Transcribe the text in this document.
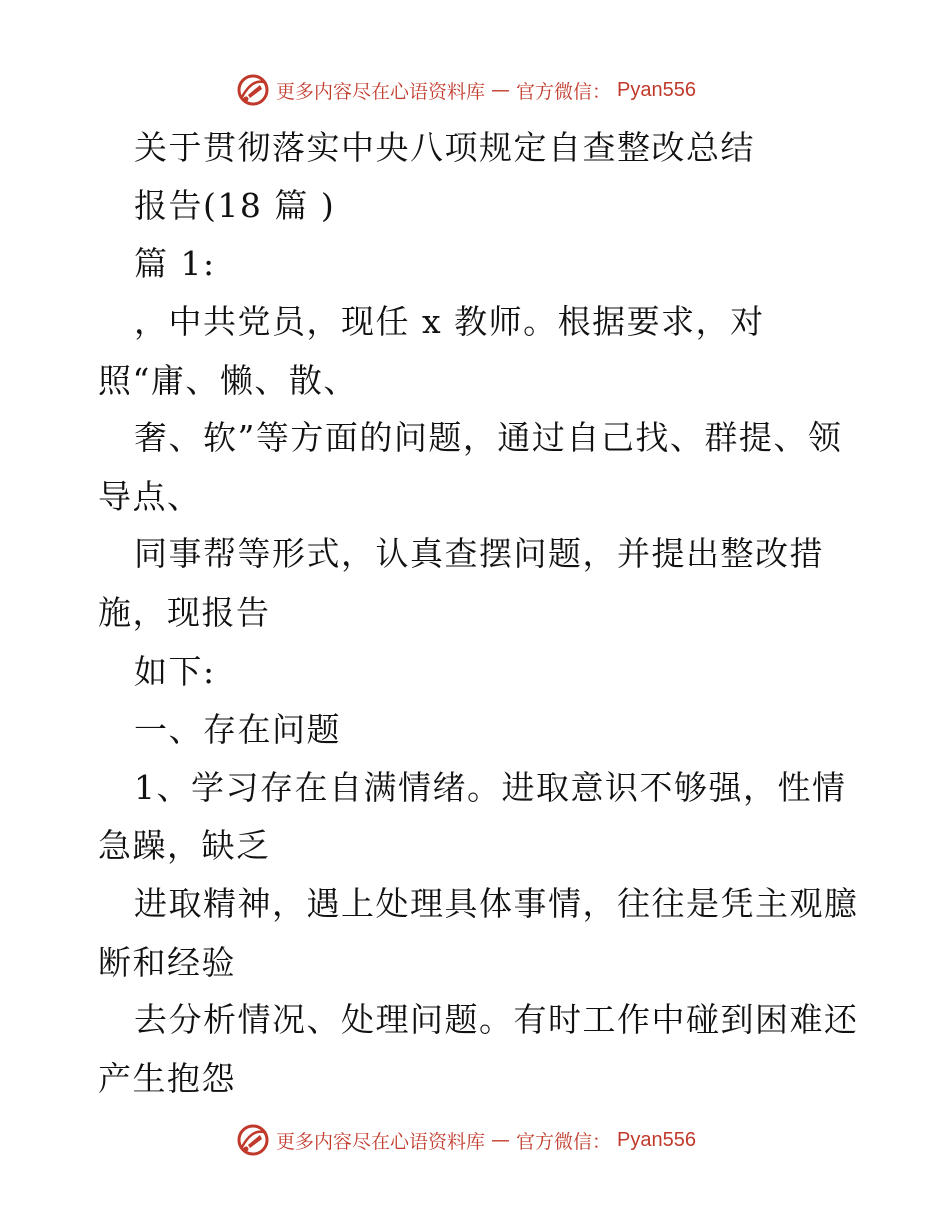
更多内容尽在心语资料库 — 官方微信： Pyan556
关于贯彻落实中央八项规定自查整改总结
报告(18 篇 )
篇 1:
，中共党员，现任 x 教师。根据要求，对
照“庸、懒、散、
奢、软”等方面的问题，通过自己找、群提、领
导点、
同事帮等形式，认真查摆问题，并提出整改措
施，现报告
如下:
一、存在问题
1、学习存在自满情绪。进取意识不够强，性情
急躁，缺乏
进取精神，遇上处理具体事情，往往是凭主观臆
断和经验
去分析情况、处理问题。有时工作中碰到困难还
产生抱怨
更多内容尽在心语资料库 — 官方微信： Pyan556
